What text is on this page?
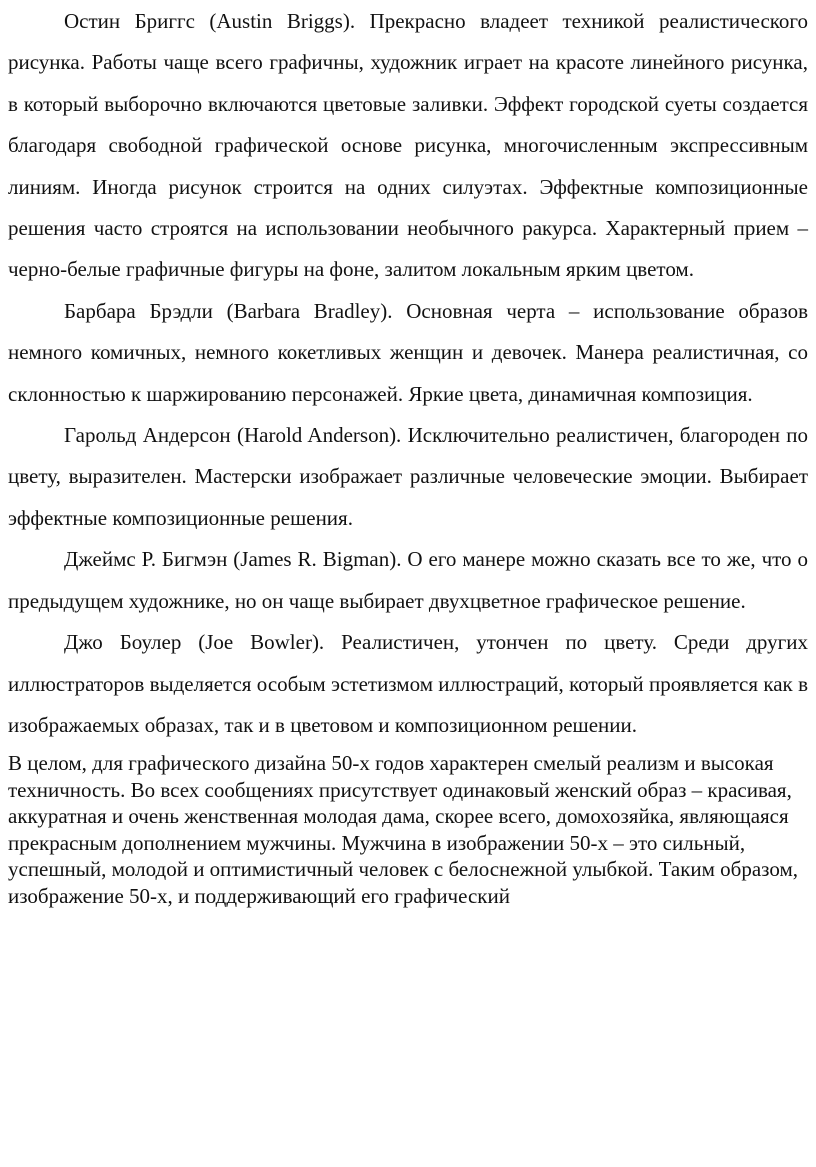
Остин Бриггс (Austin Briggs). Прекрасно владеет техникой реалистического рисунка. Работы чаще всего графичны, художник играет на красоте линейного рисунка, в который выборочно включаются цветовые заливки. Эффект городской суеты создается благодаря свободной графической основе рисунка, многочисленным экспрессивным линиям. Иногда рисунок строится на одних силуэтах. Эффектные композиционные решения часто строятся на использовании необычного ракурса. Характерный прием – черно-белые графичные фигуры на фоне, залитом локальным ярким цветом.

Барбара Брэдли (Barbara Bradley). Основная черта – использование образов немного комичных, немного кокетливых женщин и девочек. Манера реалистичная, со склонностью к шаржированию персонажей. Яркие цвета, динамичная композиция.

Гарольд Андерсон (Harold Anderson). Исключительно реалистичен, благороден по цвету, выразителен. Мастерски изображает различные человеческие эмоции. Выбирает эффектные композиционные решения.

Джеймс Р. Бигмэн (James R. Bigman). О его манере можно сказать все то же, что о предыдущем художнике, но он чаще выбирает двухцветное графическое решение.

Джо Боулер (Joe Bowler). Реалистичен, утончен по цвету. Среди других иллюстраторов выделяется особым эстетизмом иллюстраций, который проявляется как в изображаемых образах, так и в цветовом и композиционном решении.

В целом, для графического дизайна 50-х годов характерен смелый реализм и высокая техничность. Во всех сообщениях присутствует одинаковый женский образ – красивая, аккуратная и очень женственная молодая дама, скорее всего, домохозяйка, являющаяся прекрасным дополнением мужчины. Мужчина в изображении 50-х – это сильный, успешный, молодой и оптимистичный человек с белоснежной улыбкой. Таким образом, изображение 50-х, и поддерживающий его графический
